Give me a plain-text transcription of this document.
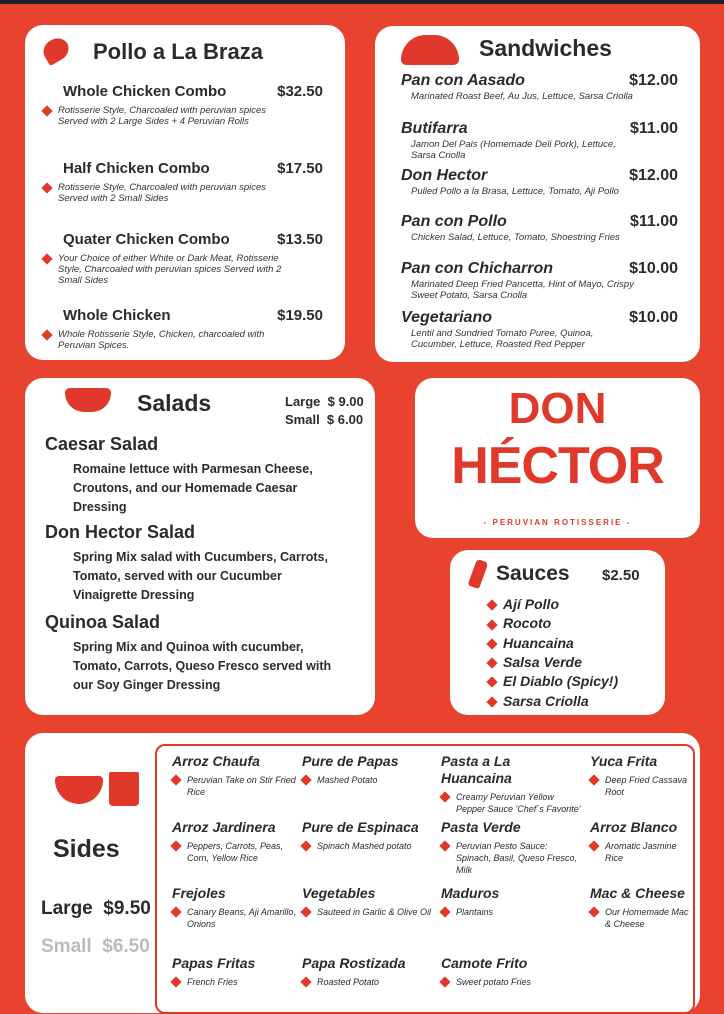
Pollo a La Braza
Whole Chicken Combo	$32.50
Rotisserie Style, Charcoaled with peruvian spices
Served with 2 Large Sides + 4 Peruvian Rolls
Half Chicken Combo	$17.50
Rotisserie Style, Charcoaled with peruvian spices
Served with 2 Small Sides
Quater Chicken Combo	$13.50
Your Choice of either White or Dark Meat, Rotisserie Style, Charcoaled with peruvian spices Served with 2 Small Sides
Whole Chicken	$19.50
Whole Rotisserie Style, Chicken, charcoaled with Peruvian Spices.
Sandwiches
Pan con Aasado	$12.00
Marinated Roast Beef, Au Jus, Lettuce, Sarsa Criolla
Butifarra	$11.00
Jamon Del Pais (Homemade Deli Pork), Lettuce, Sarsa Criolla
Don Hector	$12.00
Pulled Pollo a la Brasa, Lettuce, Tomato, Aji Pollo
Pan con Pollo	$11.00
Chicken Salad, Lettuce, Tomato, Shoestring Fries
Pan con Chicharron	$10.00
Marinated Deep Fried Pancetta, Hint of Mayo, Crispy Sweet Potato, Sarsa Criolla
Vegetariano	$10.00
Lentil and Sundried Tomato Puree, Quinoa, Cucumber, Lettuce, Roasted Red Pepper
Salads	Large  $ 9.00
Small  $ 6.00
Caesar Salad
Romaine lettuce with Parmesan Cheese, Croutons, and our Homemade Caesar Dressing
Don Hector Salad
Spring Mix salad with Cucumbers, Carrots, Tomato, served with our Cucumber Vinaigrette Dressing
Quinoa Salad
Spring Mix and Quinoa with cucumber, Tomato, Carrots, Queso Fresco served with our Soy Ginger Dressing
DON
HÉCTOR
- PERUVIAN ROTISSERIE -
Sauces $2.50
Ají Pollo
Rocoto
Huancaina
Salsa Verde
El Diablo (Spicy!)
Sarsa Criolla
Sides
Large  $9.50
Small  $6.50
Arroz Chaufa
Peruvian Take on Stir Fried Rice
Pure de Papas
Mashed Potato
Pasta a La Huancaina
Creamy Peruvian Yellow Pepper Sauce 'Chef´s Favorite'
Yuca Frita
Deep Fried Cassava Root
Arroz Jardinera
Peppers, Carrots, Peas, Corn, Yellow Rice
Pure de Espinaca
Spinach Mashed potato
Pasta Verde
Peruvian Pesto Sauce: Spinach, Basil, Queso Fresco, Milk
Arroz Blanco
Aromatic Jasmine Rice
Frejoles
Canary Beans, Aji Amarillo, Onions
Vegetables
Sauteed in Garlic & Olive Oil
Maduros
Plantains
Mac & Cheese
Our Homemade Mac & Cheese
Papas Fritas
French Fries
Papa Rostizada
Roasted Potato
Camote Frito
Sweet potato Fries
